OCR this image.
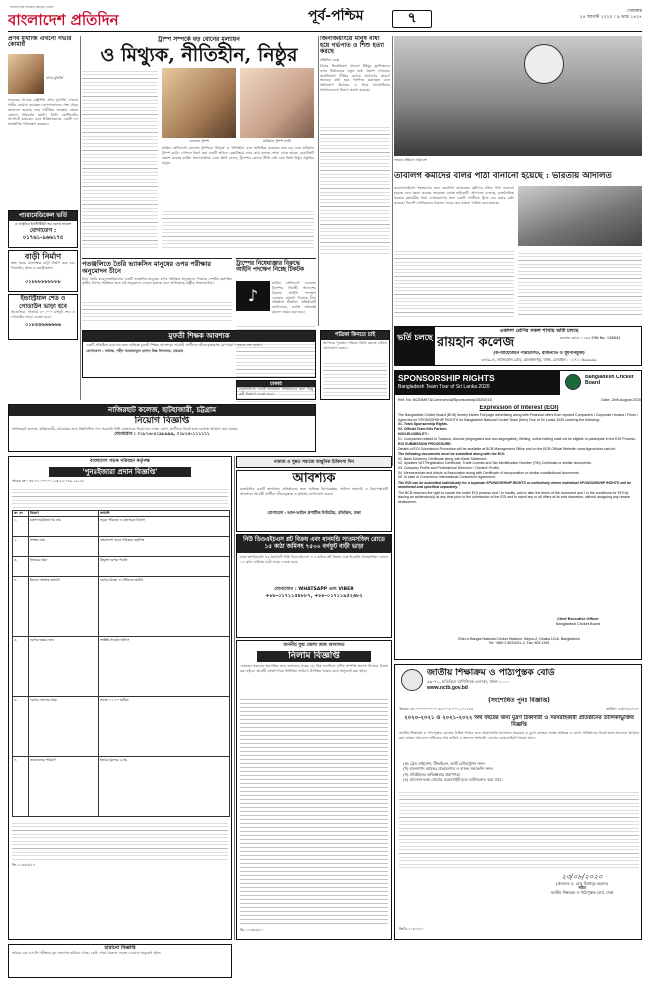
বাংলাদেশের সর্বাধিক প্রচারিত দৈনিক
বাংলাদেশ প্রতিদিন	পূর্ব-পশ্চিম	৭	সোমবার
২৪ আগস্ট ২০২০ । ৯ ভাদ্র ১৪২৭
প্রণব মুখার্জি এখনো গভীর কোমায়
প্রণব মুখার্জি
ভারতের সাবেক রাষ্ট্রপতি প্রণব মুখার্জি এখনো গভীর কোমায় রয়েছেন। হাসপাতালের পক্ষ থেকে জানানো হয়েছে তার শারীরিক অবস্থার তেমন কোনো পরিবর্তন হয়নি। তিনি ভেন্টিলেটর সাপোর্টে রয়েছেন এবং চিকিৎসকদের একটি দল সার্বক্ষণিক পর্যবেক্ষণ করছেন।
ট্রাম্প সম্পর্কে বড় বোনের মূল্যায়ন
ও মিথ্যুক, নীতিহীন, নিষ্ঠুর
ডোনাল্ড ট্রাম্প	মারিয়ান ট্রাম্প ব্যারি
মার্কিন প্রেসিডেন্ট ডোনাল্ড ট্রাম্পকে 'মিথ্যুক' ও 'নীতিহীন' বলে অভিহিত করেছেন তার বড় বোন মারিয়ান ট্রাম্প ব্যারি। গোপনে ধারণ করা একটি অডিও রেকর্ডিংয়ে এসব কথা বলতে শোনা গেছে তাকে। রেকর্ডিংটি প্রকাশ করেছে মার্কিন সংবাদমাধ্যম। এতে তিনি বলেন, ট্রাম্পের কোনো নীতি নেই এবং তিনি নিষ্ঠুর প্রকৃতির মানুষ।
জিনজিয়াংয়ে মানুষ বাধ্য হয়ে গর্ভপাত ও শিশু হত্যা করছে
প্রতিদিন ডেস্ক
চীনের জিনজিয়াং প্রদেশে উইঘুর মুসলিমদের ওপর নির্যাতনের নতুন তথ্য প্রকাশ পেয়েছে। জন্মনিয়ন্ত্রণ নীতির কঠোর প্রয়োগের কারণে অনেকে বাধ্য হয়ে গর্ভপাত করাচ্ছেন বলে অভিযোগ উঠেছে। এ নিয়ে মানবাধিকার সংগঠনগুলো উদ্বেগ প্রকাশ করেছে।
লন্ডনে প্রতিবাদ সমাবেশ
তাবলিগ কর্মীদের বলির পাঁঠা বানানো হয়েছে : ভারতীয় আদালত
করোনাভাইরাস সংক্রমণের জন্য তাবলিগ জামাতের কর্মীদের বলির পাঁঠা বানানো হয়েছে বলে মন্তব্য করেছে ভারতের বোম্বে হাইকোর্ট। আদালত বলেছে, রাজনৈতিক সরকার মহামারীর সময় দোষারোপের জন্য একটি গোষ্ঠীকে খুঁজে বের করার চেষ্টা করেছে। বিদেশি নাগরিকদের বিরুদ্ধে দায়ের করা মামলা খারিজ করা হয়েছে।
পতঞ্জলিতে তৈরি ভ্যাকসিন মানুষের ওপর পরীক্ষার অনুমোদন চীনে
চীনে তৈরি করোনাভাইরাসের একটি ভ্যাকসিন মানুষের ওপর পরীক্ষার অনুমোদন দিয়েছে দেশটির কর্তৃপক্ষ। তৃতীয় ধাপের পরীক্ষার জন্য এই অনুমোদন দেওয়া হয়েছে বলে জানিয়েছে রাষ্ট্রীয় সংবাদমাধ্যম।
ট্রাম্পের নিষেধাজ্ঞার বিরুদ্ধে আইনি পদক্ষেপ নিচ্ছে টিকটক
♪
মার্কিন প্রেসিডেন্ট ডোনাল্ড ট্রাম্পের নির্বাহী আদেশের বিরুদ্ধে আইনি পদক্ষেপ নেওয়ার ঘোষণা দিয়েছে চীনা প্রতিষ্ঠান টিকটক। প্রতিষ্ঠানটি জানিয়েছে, চলতি সপ্তাহেই মামলা দায়ের করা হবে।
প্যারামেডিকেল ভর্তি
ও আধুনিক ইনস্টিটিউট অব হেলথ সায়েন্স
যোগাযোগ : ০১৭৬১-৯৬৬১৭৫
বাড়ী নির্মাণ
অল্প খরচে মানসম্মত বাড়ী নির্মাণ করা হয়। ডিজাইন, প্ল্যান ও কনস্ট্রাকশন।
০১৮৮৮৮৮৮৮৮৮
ইন্ডাস্ট্রিয়াল শেড ও গোডাউন ভাড়া হবে
আশুলিয়া, সাভারে ৪০,০০০ বর্গফুট শেড ও গোডাউন ভাড়া দেওয়া হবে।
০১৮৪৪৬৬৬৬৬৬
মুফতী শিক্ষক আবশ্যক
একটি প্রতিষ্ঠিত মাদ্রাসার জন্য অভিজ্ঞ মুফতী শিক্ষক আবশ্যক। আগ্রহী প্রার্থীদের জীবনবৃত্তান্তসহ যোগাযোগ করতে বলা হলো।
যোগাযোগ : অধ্যক্ষ, শহীদ আরাফাতুল হাসান উচ্চ বিদ্যালয়, চট্টগ্রাম
চাকরি
রাজধানীতে একটি স্বনামধন্য প্রতিষ্ঠানের জন্য কিছু কর্মী নিয়োগ দেওয়া হবে।
পত্রিকা কিনতে চাই
আপনার পুরাতন পত্রিকা বিক্রি করতে চাইলে যোগাযোগ করুন।
ভর্তি চলছে
একাদশ শ্রেণির সকল শাখায় ভর্তি চলছে
রায়হান কলেজ	কলেজ কোড: ১১৬৬ EIIN No. 138642
(ক-আয়োজনে পরিচালিত, রাজনীতি ও ধূমপানমুক্ত)
৩৭/৯-এ, তাজিয়ালি রোড, মোহাম্মদপুর, ঢাকা, মোবাইল : ০১৭১০৫৯৯৯৯৯
নাজিরহাট কলেজ, হাটহাজারী, চট্টগ্রাম
নিয়োগ বিজ্ঞপ্তি
নাজিরহাট কলেজ, হাটহাজারী, চট্টগ্রামের জন্য নিম্নলিখিত পদে সরকারি বিধি মোতাবেক নিয়োগের লক্ষ্যে যোগ্য প্রার্থীদের নিকট হতে দরখাস্ত আহ্বান করা যাচ্ছে।
যোগাযোগ : ০১৮১৬-৫১৯৮৯৯৯, ০১৮১৪-১১১১১১
নামাজ ও সুন্নত সমাজে আধুনিক চিকিৎসা দিন
আবশ্যক
রাজধানীর একটি স্বনামধন্য প্রতিষ্ঠানের জন্য অভিজ্ঞ হিসাবরক্ষক, অফিস সহকারী ও নিরাপত্তাকর্মী আবশ্যক। আগ্রহী প্রার্থীরা জীবনবৃত্তান্ত ও ছবিসহ যোগাযোগ করুন।
যোগাযোগ : আল-আমিন প্রপার্টিজ লিমিটেড, মতিঝিল, ঢাকা
নিউ ডিওএইচএস প্লট বিক্রয় এবং ধানমন্ডি সাতমসজিদ রোডে ১৫ কাঠা জমিসহ ৭৫০০ বর্গফুট বাড়ী ভাড়া
ঢাকা ক্যান্টনমেন্ট এর মহাখালী নিউ ডিওএইচএস এ ৫ কাঠার প্লট বিক্রয় এবং ধানমন্ডি সাতমসজিদ রোডে ১৫ কাঠা জমিসহ বাড়ী ভাড়া দেওয়া হবে।
যোগাযোগ : WHATSAPP এবং VIBER
+৮৮-০১৭১১৫৪৮৮৭, +৮৮-০১৭১১৯৫২৬৮২
মাননীয় যুগ্ম জেলা জজ আদালত
নিলাম বিজ্ঞপ্তি
এতদ্বারা সকলের অবগতির জন্য জানানো যাচ্ছে যে, নিম্ন তফসিলে বর্ণিত সম্পত্তি প্রকাশ্য নিলামে বিক্রয় করা হইবে। আগ্রহী ক্রেতাগণকে নির্ধারিত তারিখে উপস্থিত থাকার জন্য অনুরোধ করা হইল।
জি-১১৩৪৫/২০
বাংলাদেশ সড়ক পরিবহন কর্তৃপক্ষ
'পুনঃইজারা প্রদান বিজ্ঞপ্তি'
স্মারক নং : ৩৫.০১.০০০০.১২৩.৫২.০৫৯.১৯-২৮
ক্র. নং	বিবরণ	তথ্যাদি
১.	মন্ত্রণালয়/বিভাগের নাম	সড়ক পরিবহন ও মহাসড়ক বিভাগ
২.	সংস্থার নাম	বাংলাদেশ সড়ক পরিবহন কর্তৃপক্ষ
৩.	ইজারার ধরন	উন্মুক্ত দরপত্র পদ্ধতি
৪.	ইজারা সংক্রান্ত তথ্যাদি	দরপত্র বিক্রয় ও দাখিলের তারিখ
৫.	দরপত্র জমার স্থান	সংশ্লিষ্ট সার্কেল অফিস
৬.	দরপত্র খোলার সময়	সকাল ১১.০০ ঘটিকা
৭.	জামানতের পরিমাণ	ইজারা মূল্যের ২৫%
জি-১১৩৪৪/২০
SPONSORSHIP RIGHTS
Bangladesh Team Tour of Sri Lanka 2020
Bangladesh Cricket Board
Ref. No: BCB/MKT&Commercial/Sponsorship/2020/215	Date: 24th August 2020
Expression of Interest (EOI)
The Bangladesh Cricket Board (BCB) hereby invites Full page advertising along with Financial offers from reputed Companies / Corporate Houses / Firms / Agencies for SPONSORSHIP RIGHTS for Bangladesh National Cricket Team (Men) Tour of Sri Lanka 2020 covering the following:
01. Team Sponsorship Rights.
02. Official Team Kits Partner.
NON-ELIGIBILITY :
01. Companies related to Tobacco, Alcohol (segregated and non-segregated), Betting, online betting shall not be eligible to participate in the EOI Process.
EOI SUBMISSION PROCEDURE:
Details of EOI Submission Procedure will be available at BCB Management Office and on the BCB Official Website: www.tigercricket.com.bd
The following documents must be submitted along with the EOI:
01. Bank Solvency Certificate along with Bank Statement.
02. Updated VAT Registration Certificate, Trade License and Tax Identification Number (TIN) Certificate or similar documents.
03. Company Profile and Professional Directors' / Owners' Profile.
04. Memorandum and Article of Association along with Certificate of Incorporation or similar constitutional documents.
05. In case of Consortium International Consortium Agreement.
The EOI can be submitted individually for a separate SPONSORSHIP RIGHTS or collectively where individual SPONSORSHIP RIGHTS will be mentioned and specified separately.
The BCB reserves the right to cancel the entire EOI process and / or modify, add or alter the terms of the document and / or the conditions for EOI by issuing an addendum(s) at any time prior to the submission of the EOI and to reject any or all offers at its sole discretion, without assigning any reason whatsoever.
Chief Executive Officer
Bangladesh Cricket Board
Sher-e-Bangla National Cricket Stadium, Mirpur-2, Dhaka-1216, Bangladesh
Tel: +880 2 8031001-4, Fax: 803 1199
জাতীয় শিক্ষাক্রম ও পাঠ্যপুস্তক বোর্ড
৬৯-৭০, মতিঝিল বাণিজ্যিক এলাকা, ঢাকা-১০০০
www.nctb.gov.bd
(সংশোধিত পুনঃ বিজ্ঞপ্তি)
স্মারক: ৩৭.০০০০০০০০০.৩২০.০৮.০০১.২০-১৮৪	তারিখ: ২৩/০৮/২০২০
২০২০-২০২১ ও ২০২১-২০২২ অর্থ বছরের জন্য মুদ্রণ ঠিকাদারী ও সরবরাহকারী প্রতিষ্ঠানের তালিকাভুক্তির বিজ্ঞপ্তি
জাতীয় শিক্ষাক্রম ও পাঠ্যপুস্তক বোর্ডের বিভিন্ন শাখার জন্য প্রয়োজনীয় মালামাল সরবরাহ ও মুদ্রণ কাজের লক্ষ্যে অভিজ্ঞ ও যোগ্য প্রতিষ্ঠানের নিকট হতে আবেদন আহ্বান করা যাচ্ছে। আবেদন দাখিলের শেষ তারিখ ও অন্যান্য শর্তাবলি বোর্ডের ওয়েবসাইটে পাওয়া যাবে।
(ক) ট্রেড লাইসেন্স, টিআইএন, ভ্যাট রেজিস্ট্রেশন সনদ।
(খ) হালনাগাদ আয়কর প্রত্যয়নপত্র ও ব্যাংক সলভেন্সি সনদ।
(গ) প্রতিষ্ঠানের অভিজ্ঞতার প্রমাণপত্র।
(ঘ) আবেদন ফরম বোর্ডের ওয়েবসাইট হতে ডাউনলোড করা যাবে।
২৩/০৮/২০২০
(প্রফেসর ড. মোঃ মিজানুর রহমান)
সচিব
জাতীয় শিক্ষাক্রম ও পাঠ্যপুস্তক বোর্ড, ঢাকা
জিডি-১১৪০/২০
হারানো বিজ্ঞপ্তি
আমার এস.এস.সি পরীক্ষার মূল সনদপত্র হারিয়ে গেছে। কেউ পেয়ে থাকলে ফেরত দেওয়ার অনুরোধ রইল।
